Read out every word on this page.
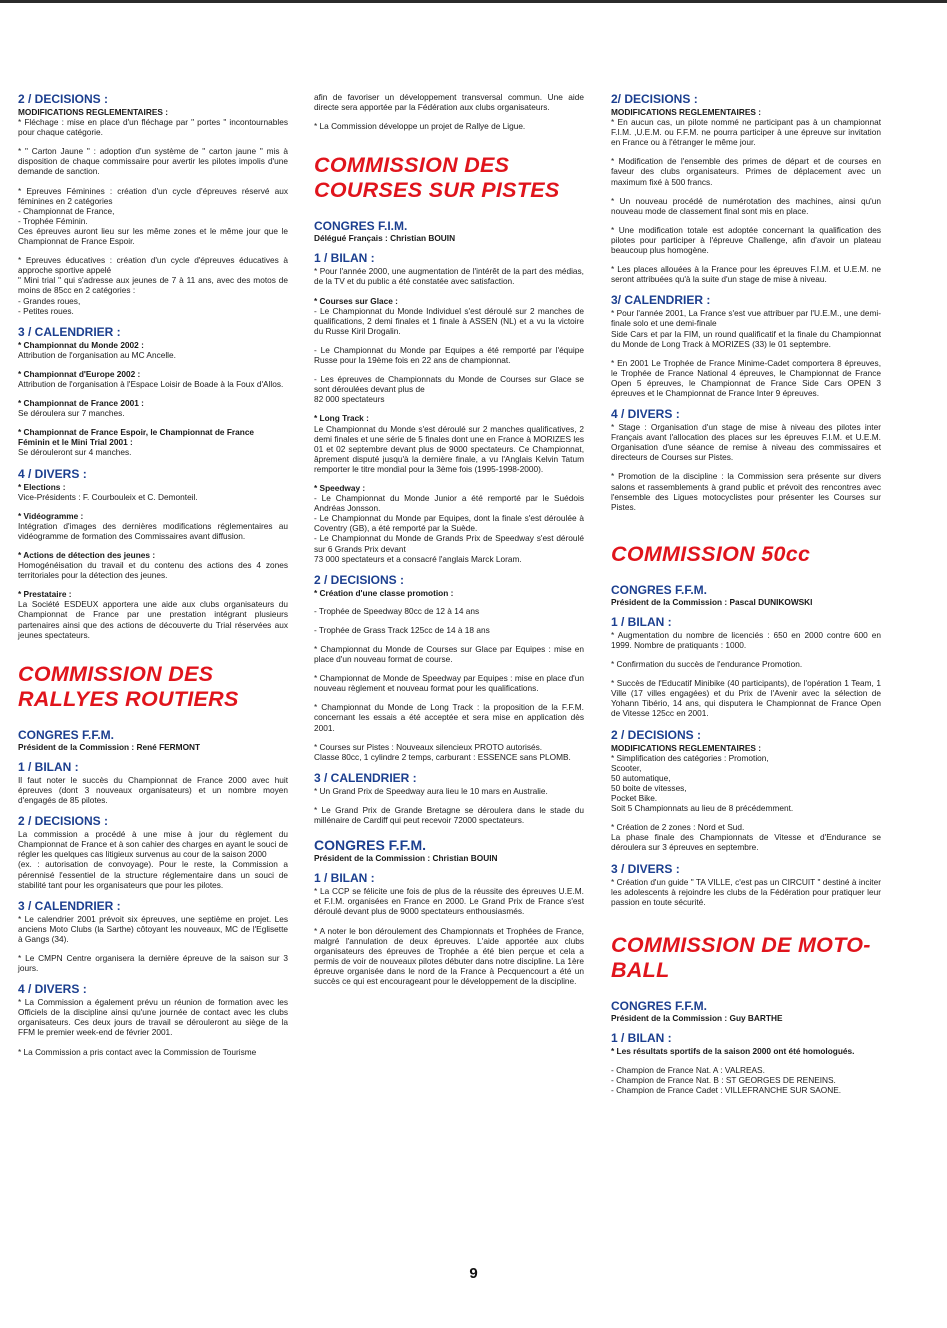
2 / DECISIONS :
MODIFICATIONS REGLEMENTAIRES :
* Fléchage : mise en place d'un fléchage par " portes " incontournables pour chaque catégorie.
* " Carton Jaune " : adoption d'un système de " carton jaune " mis à disposition de chaque commissaire pour avertir les pilotes impolis d'une demande de sanction.
* Epreuves Féminines : création d'un cycle d'épreuves réservé aux féminines en 2 catégories
- Championnat de France,
- Trophée Féminin.
Ces épreuves auront lieu sur les même zones et le même jour que le Championnat de France Espoir.
* Epreuves éducatives : création d'un cycle d'épreuves éducatives à approche sportive appelé
" Mini trial " qui s'adresse aux jeunes de 7 à 11 ans, avec des motos de moins de 85cc en 2 catégories :
- Grandes roues,
- Petites roues.
3 / CALENDRIER :
* Championnat du Monde 2002 :
Attribution de l'organisation au MC Ancelle.
* Championnat d'Europe 2002 :
Attribution de l'organisation à l'Espace Loisir de Boade à la Foux d'Allos.
* Championnat de France 2001 :
Se déroulera sur 7 manches.
* Championnat de France Espoir, le Championnat de France Féminin et le Mini Trial 2001 :
Se dérouleront sur 4 manches.
4 / DIVERS :
* Elections :
Vice-Présidents : F. Courbouleix et C. Demonteil.
* Vidéogramme :
Intégration d'images des dernières modifications réglementaires au vidéogramme de formation des Commissaires avant diffusion.
* Actions de détection des jeunes :
Homogénéisation du travail et du contenu des actions des 4 zones territoriales pour la détection des jeunes.
* Prestataire :
La Société ESDEUX apportera une aide aux clubs organisateurs du Championnat de France par une prestation intégrant plusieurs partenaires ainsi que des actions de découverte du Trial réservées aux jeunes spectateurs.
COMMISSION DES RALLYES ROUTIERS
CONGRES F.F.M.
Président de la Commission : René FERMONT
1 / BILAN :
Il faut noter le succès du Championnat de France 2000 avec huit épreuves (dont 3 nouveaux organisateurs) et un nombre moyen d'engagés de 85 pilotes.
2 / DECISIONS :
La commission a procédé à une mise à jour du règlement du Championnat de France et à son cahier des charges en ayant le souci de régler les quelques cas litigieux survenus au cour de la saison 2000
(ex. : autorisation de convoyage). Pour le reste, la Commission a pérennisé l'essentiel de la structure réglementaire dans un souci de stabilité tant pour les organisateurs que pour les pilotes.
3 / CALENDRIER :
* Le calendrier 2001 prévoit six épreuves, une septième en projet. Les anciens Moto Clubs (la Sarthe) côtoyant les nouveaux, MC de l'Eglisette à Gangs (34).
* Le CMPN Centre organisera la dernière épreuve de la saison sur 3 jours.
4 / DIVERS :
* La Commission a également prévu un réunion de formation avec les Officiels de la discipline ainsi qu'une journée de contact avec les clubs organisateurs. Ces deux jours de travail se dérouleront au siège de la FFM le premier week-end de février 2001.
* La Commission a pris contact avec la Commission de Tourisme
afin de favoriser un développement transversal commun. Une aide directe sera apportée par la Fédération aux clubs organisateurs.
* La Commission développe un projet de Rallye de Ligue.
COMMISSION DES COURSES SUR PISTES
CONGRES F.I.M.
Délégué Français : Christian BOUIN
1 / BILAN :
* Pour l'année 2000, une augmentation de l'intérêt de la part des médias, de la TV et du public a été constatée avec satisfaction.
* Courses sur Glace :
- Le Championnat du Monde Individuel s'est déroulé sur 2 manches de qualifications, 2 demi finales et 1 finale à ASSEN (NL) et a vu la victoire du Russe Kiril Drogalin.
- Le Championnat du Monde par Equipes a été remporté par l'équipe Russe pour la 19ème fois en 22 ans de championnat.
- Les épreuves de Championnats du Monde de Courses sur Glace se sont déroulées devant plus de
82 000 spectateurs
* Long Track :
Le Championnat du Monde s'est déroulé sur 2 manches qualificatives, 2 demi finales et une série de 5 finales dont une en France à MORIZES les 01 et 02 septembre devant plus de 9000 spectateurs. Ce Championnat, âprement disputé jusqu'à la dernière finale, a vu l'Anglais Kelvin Tatum remporter le titre mondial pour la 3ème fois (1995-1998-2000).
* Speedway :
- Le Championnat du Monde Junior a été remporté par le Suédois Andréas Jonsson.
- Le Championnat du Monde par Equipes, dont la finale s'est déroulée à Coventry (GB), a été remporté par la Suède.
- Le Championnat du Monde de Grands Prix de Speedway s'est déroulé sur 6 Grands Prix devant
73 000 spectateurs et a consacré l'anglais Marck Loram.
2 / DECISIONS :
* Création d'une classe promotion :
- Trophée de Speedway 80cc de 12 à 14 ans
- Trophée de Grass Track 125cc de 14 à 18 ans
* Championnat du Monde de Courses sur Glace par Equipes : mise en place d'un nouveau format de course.
* Championnat de Monde de Speedway par Equipes : mise en place d'un nouveau règlement et nouveau format pour les qualifications.
* Championnat du Monde de Long Track : la proposition de la F.F.M. concernant les essais a été acceptée et sera mise en application dès 2001.
* Courses sur Pistes : Nouveaux silencieux PROTO autorisés.
Classe 80cc, 1 cylindre 2 temps, carburant : ESSENCE sans PLOMB.
3 / CALENDRIER :
* Un Grand Prix de Speedway aura lieu le 10 mars en Australie.
* Le Grand Prix de Grande Bretagne se déroulera dans le stade du millénaire de Cardiff qui peut recevoir 72000 spectateurs.
CONGRES F.F.M.
Président de la Commission : Christian BOUIN
1 / BILAN :
* La CCP se félicite une fois de plus de la réussite des épreuves U.E.M. et F.I.M. organisées en France en 2000. Le Grand Prix de France s'est déroulé devant plus de 9000 spectateurs enthousiasmés.
* A noter le bon déroulement des Championnats et Trophées de France, malgré l'annulation de deux épreuves. L'aide apportée aux clubs organisateurs des épreuves de Trophée a été bien perçue et cela a permis de voir de nouveaux pilotes débuter dans notre discipline. La 1ère épreuve organisée dans le nord de la France à Pecquencourt a été un succès ce qui est encourageant pour le développement de la discipline.
2/ DECISIONS :
MODIFICATIONS REGLEMENTAIRES :
* En aucun cas, un pilote nommé ne participant pas à un championnat F.I.M. ,U.E.M. ou F.F.M. ne pourra participer à une épreuve sur invitation en France ou à l'étranger le même jour.
* Modification de l'ensemble des primes de départ et de courses en faveur des clubs organisateurs. Primes de déplacement avec un maximum fixé à 500 francs.
* Un nouveau procédé de numérotation des machines, ainsi qu'un nouveau mode de classement final sont mis en place.
* Une modification totale est adoptée concernant la qualification des pilotes pour participer à l'épreuve Challenge, afin d'avoir un plateau beaucoup plus homogène.
* Les places allouées à la France pour les épreuves F.I.M. et U.E.M. ne seront attribuées qu'à la suite d'un stage de mise à niveau.
3/ CALENDRIER :
* Pour l'année 2001, La France s'est vue attribuer par l'U.E.M., une demi-finale solo et une demi-finale
Side Cars et par la FIM, un round qualificatif et la finale du Championnat du Monde de Long Track à MORIZES (33) le 01 septembre.
* En 2001 Le Trophée de France Minime-Cadet comportera 8 épreuves, le Trophée de France National 4 épreuves, le Championnat de France Open 5 épreuves, le Championnat de France Side Cars OPEN 3 épreuves et le Championnat de France Inter 9 épreuves.
4 / DIVERS :
* Stage : Organisation d'un stage de mise à niveau des pilotes inter Français avant l'allocation des places sur les épreuves F.I.M. et U.E.M. Organisation d'une séance de remise à niveau des commissaires et directeurs de Courses sur Pistes.
* Promotion de la discipline : la Commission sera présente sur divers salons et rassemblements à grand public et prévoit des rencontres avec l'ensemble des Ligues motocyclistes pour présenter les Courses sur Pistes.
COMMISSION 50cc
CONGRES F.F.M.
Président de la Commission : Pascal DUNIKOWSKI
1 / BILAN :
* Augmentation du nombre de licenciés : 650 en 2000 contre 600 en 1999. Nombre de pratiquants : 1000.
* Confirmation du succès de l'endurance Promotion.
* Succès de l'Educatif Minibike (40 participants), de l'opération 1 Team, 1 Ville (17 villes engagées) et du Prix de l'Avenir avec la sélection de Yohann Tibério, 14 ans, qui disputera le Championnat de France Open de Vitesse 125cc en 2001.
2 / DECISIONS :
MODIFICATIONS REGLEMENTAIRES :
* Simplification des catégories : Promotion,
Scooter,
50 automatique,
50 boite de vitesses,
Pocket Bike.
Soit 5 Championnats au lieu de 8 précédemment.
* Création de 2 zones : Nord et Sud.
La phase finale des Championnats de Vitesse et d'Endurance se déroulera sur 3 épreuves en septembre.
3 / DIVERS :
* Création d'un guide " TA VILLE, c'est pas un CIRCUIT " destiné à inciter les adolescents à rejoindre les clubs de la Fédération pour pratiquer leur passion en toute sécurité.
COMMISSION DE MOTO-BALL
CONGRES F.F.M.
Président de la Commission : Guy BARTHE
1 / BILAN :
* Les résultats sportifs de la saison 2000 ont été homologués.
- Champion de France Nat. A : VALREAS.
- Champion de France Nat. B : ST GEORGES DE RENEINS.
- Champion de France Cadet : VILLEFRANCHE SUR SAONE.
9
